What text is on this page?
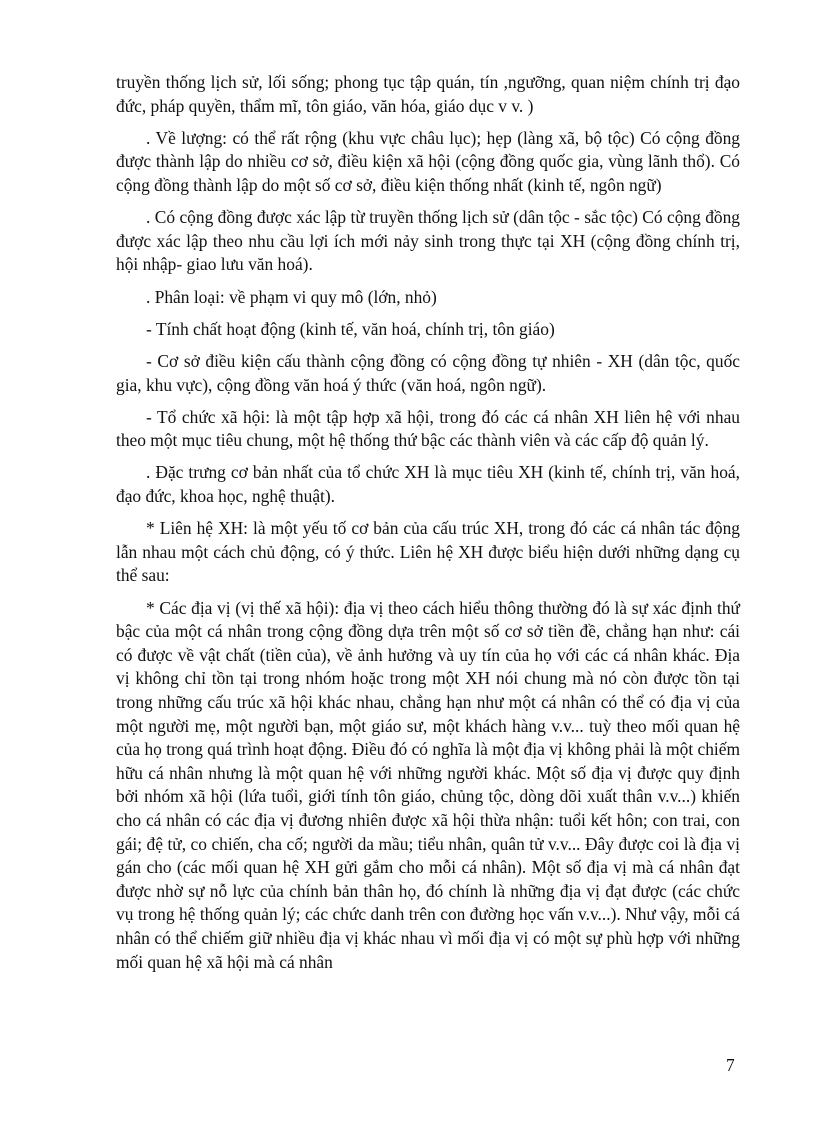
truyền thống lịch sử, lối sống; phong tục tập quán, tín ,ngưỡng, quan niệm chính trị đạo đức, pháp quyền, thẩm mĩ, tôn giáo, văn hóa, giáo dục v v. )

. Về lượng: có thể rất rộng (khu vực châu lục); hẹp (làng xã, bộ tộc) Có cộng đồng được thành lập do nhiều cơ sở, điều kiện xã hội (cộng đồng quốc gia, vùng lãnh thổ). Có cộng đồng thành lập do một số cơ sở, điều kiện thống nhất (kinh tế, ngôn ngữ)

. Có cộng đồng được xác lập từ truyền thống lịch sử (dân tộc - sắc tộc) Có cộng đồng được xác lập theo nhu cầu lợi ích mới nảy sinh trong thực tại XH (cộng đồng chính trị, hội nhập- giao lưu văn hoá).

. Phân loại: về phạm vi quy mô (lớn, nhỏ)

- Tính chất hoạt động (kinh tế, văn hoá, chính trị, tôn giáo)

- Cơ sở điều kiện cấu thành cộng đồng có cộng đồng tự nhiên - XH (dân tộc, quốc gia, khu vực), cộng đồng văn hoá ý thức (văn hoá, ngôn ngữ).

- Tổ chức xã hội: là một tập hợp xã hội, trong đó các cá nhân XH liên hệ với nhau theo một mục tiêu chung, một hệ thống thứ bậc các thành viên và các cấp độ quản lý.

. Đặc trưng cơ bản nhất của tổ chức XH là mục tiêu XH (kinh tế, chính trị, văn hoá, đạo đức, khoa học, nghệ thuật).

* Liên hệ XH: là một yếu tố cơ bản của cấu trúc XH, trong đó các cá nhân tác động lẫn nhau một cách chủ động, có ý thức. Liên hệ XH được biểu hiện dưới những dạng cụ thể sau:

* Các địa vị (vị thế xã hội): địa vị theo cách hiểu thông thường đó là sự xác định thứ bậc của một cá nhân trong cộng đồng dựa trên một số cơ sở tiền đề, chẳng hạn như: cái có được về vật chất (tiền của), về ảnh hưởng và uy tín của họ với các cá nhân khác. Địa vị không chỉ tồn tại trong nhóm hoặc trong một XH nói chung mà nó còn được tồn tại trong những cấu trúc xã hội khác nhau, chẳng hạn như một cá nhân có thể có địa vị của một người mẹ, một người bạn, một giáo sư, một khách hàng v.v... tuỳ theo mối quan hệ của họ trong quá trình hoạt động. Điều đó có nghĩa là một địa vị không phải là một chiếm hữu cá nhân nhưng là một quan hệ với những người khác. Một số địa vị được quy định bởi nhóm xã hội (lứa tuổi, giới tính tôn giáo, chủng tộc, dòng dõi xuất thân v.v...) khiến cho cá nhân có các địa vị đương nhiên được xã hội thừa nhận: tuổi kết hôn; con trai, con gái; đệ tử, co chiến, cha cố; người da mầu; tiểu nhân, quân tử v.v... Đây được coi là địa vị gán cho (các mối quan hệ XH gửi gắm cho mỗi cá nhân). Một số địa vị mà cá nhân đạt được nhờ sự nỗ lực của chính bản thân họ, đó chính là những địa vị đạt được (các chức vụ trong hệ thống quản lý; các chức danh trên con đường học vấn v.v...). Như vậy, mỗi cá nhân có thể chiếm giữ nhiều địa vị khác nhau vì mối địa vị có một sự phù hợp với những mối quan hệ xã hội mà cá nhân

7
